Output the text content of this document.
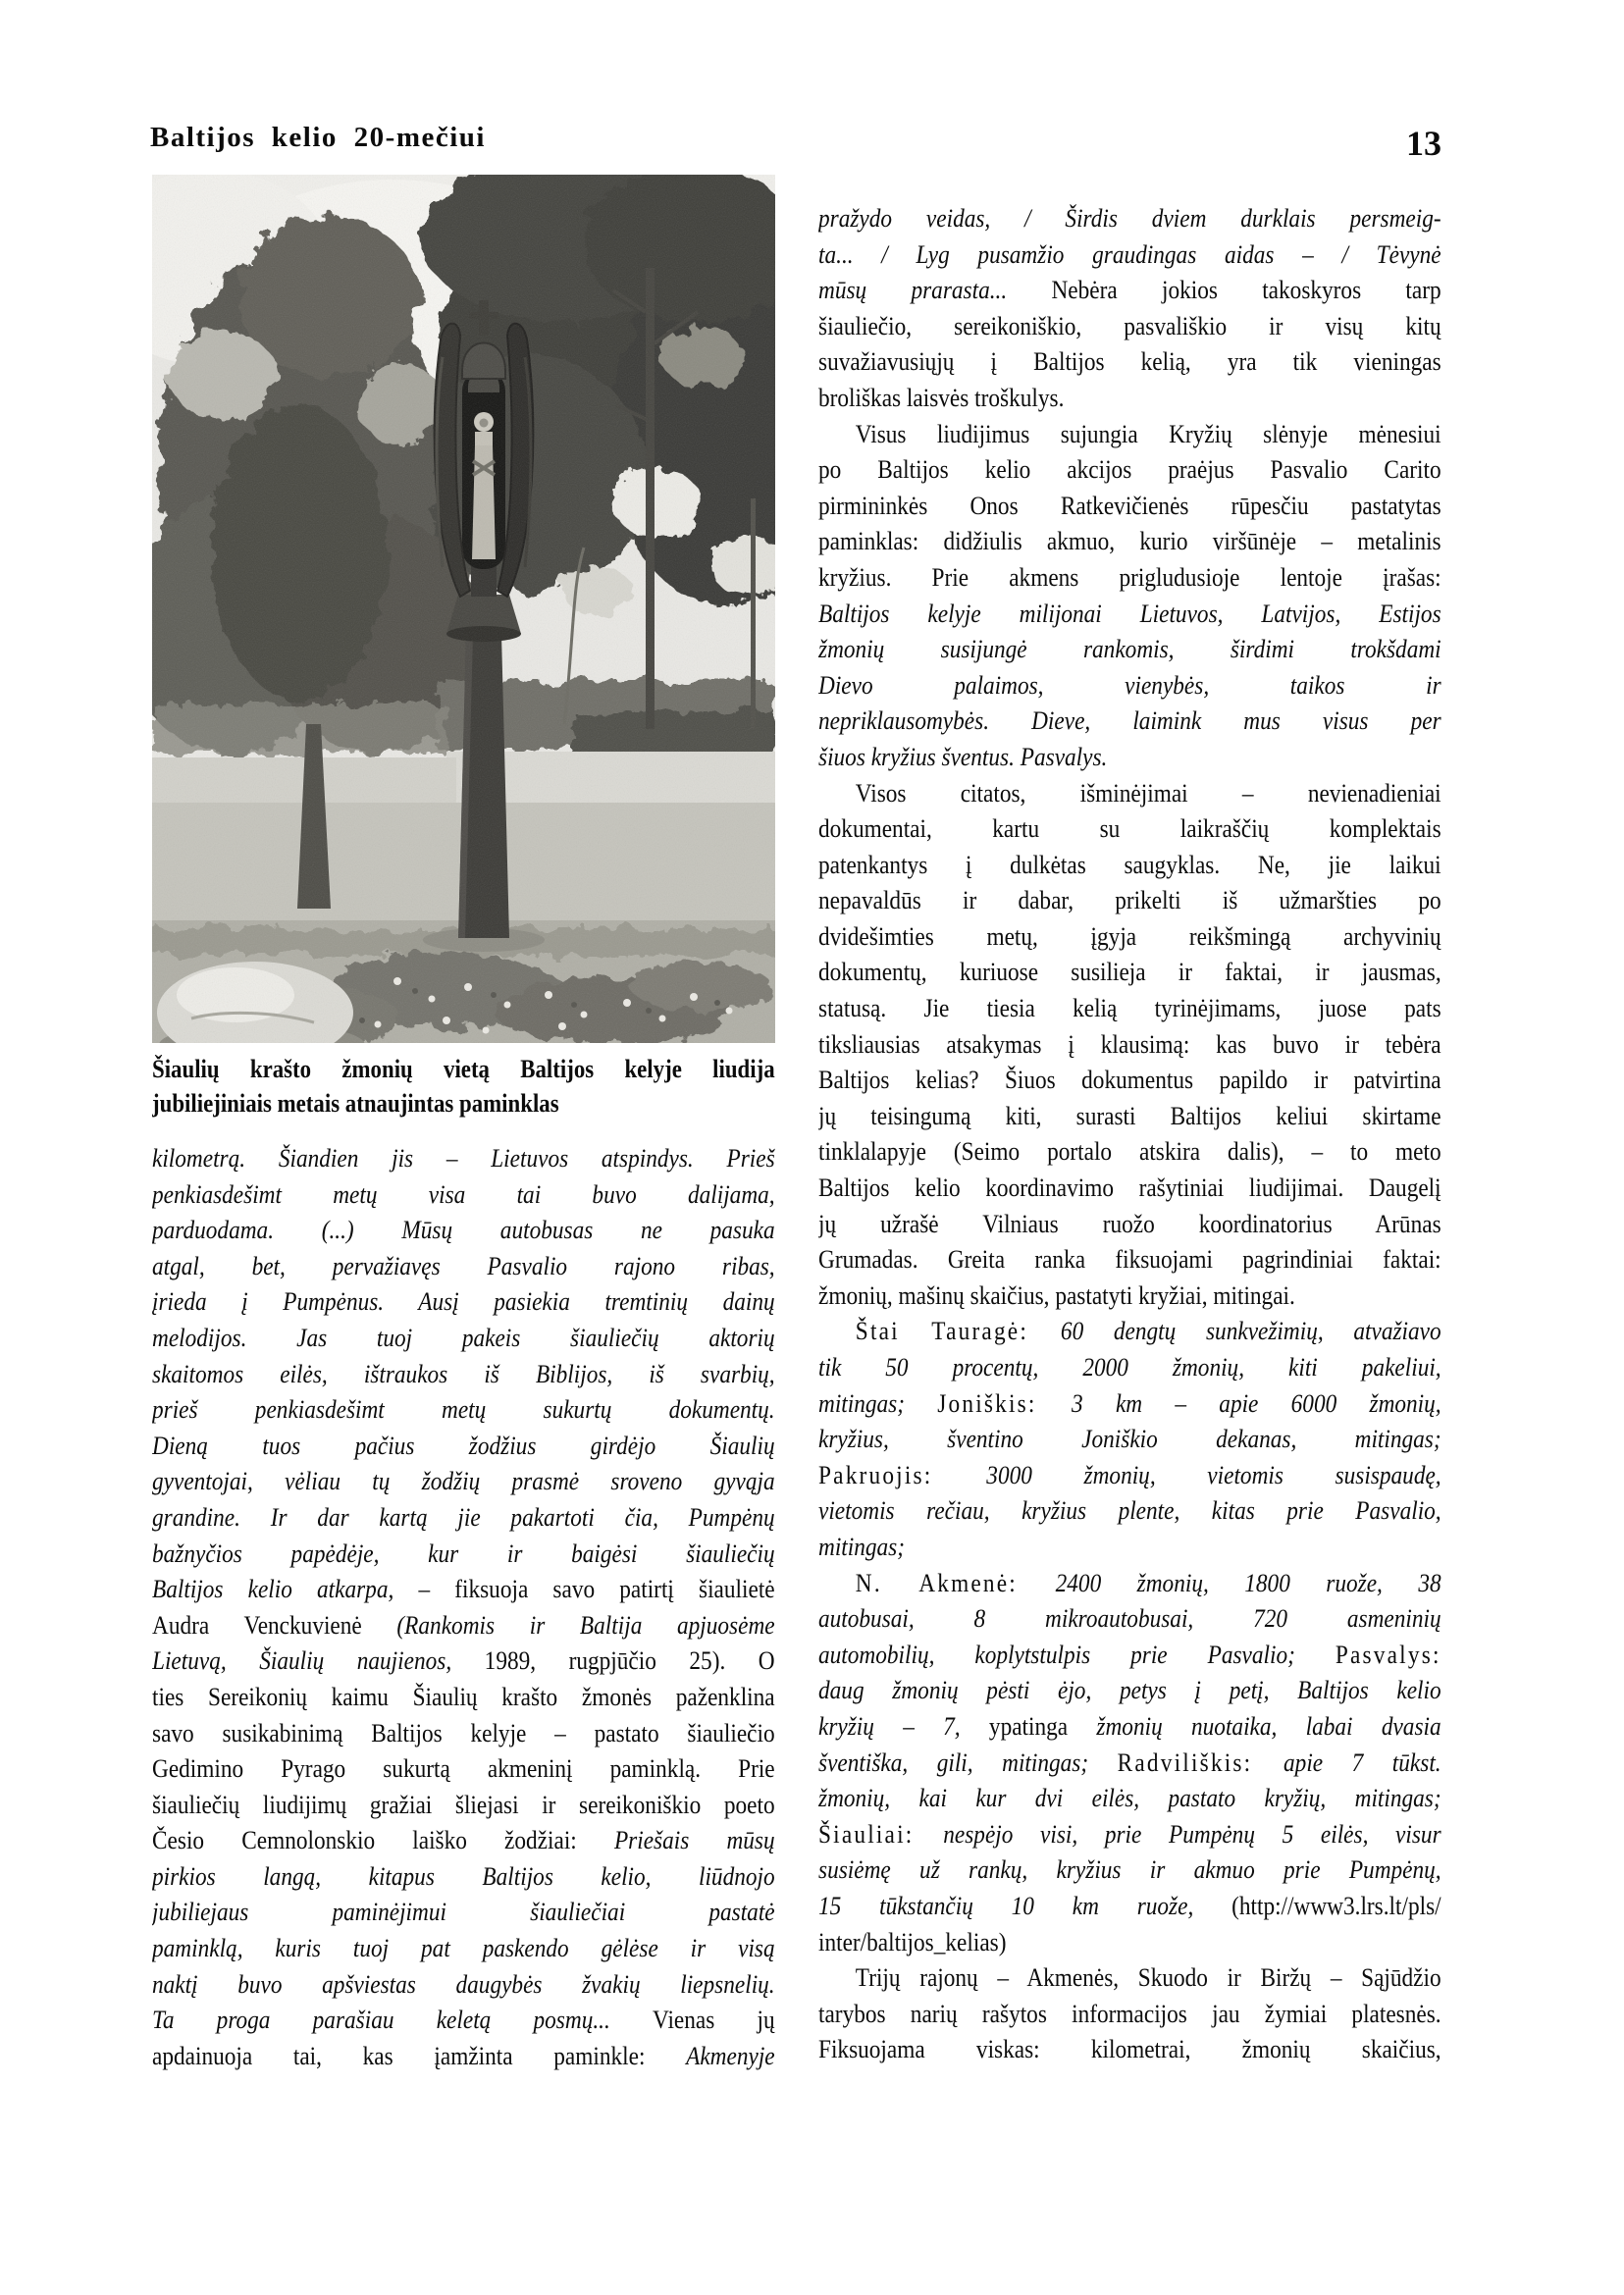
Baltijos kelio 20-mečiui	13
Šiaulių krašto žmonių vietą Baltijos kelyje liudija
jubiliejiniais metais atnaujintas paminklas
kilometrą. Šiandien jis – Lietuvos atspindys. Prieš
penkiasdešimt metų visa tai buvo dalijama,
parduodama. (...) Mūsų autobusas ne pasuka
atgal, bet, pervažiavęs Pasvalio rajono ribas,
įrieda į Pumpėnus. Ausį pasiekia tremtinių dainų
melodijos. Jas tuoj pakeis šiauliečių aktorių
skaitomos eilės, ištraukos iš Biblijos, iš svarbių,
prieš penkiasdešimt metų sukurtų dokumentų.
Dieną tuos pačius žodžius girdėjo Šiaulių
gyventojai, vėliau tų žodžių prasmė sroveno gyvąja
grandine. Ir dar kartą jie pakartoti čia, Pumpėnų
bažnyčios papėdėje, kur ir baigėsi šiauliečių
Baltijos kelio atkarpa, – fiksuoja savo patirtį šiaulietė
Audra Venckuvienė (Rankomis ir Baltija apjuosėme
Lietuvą, Šiaulių naujienos, 1989, rugpjūčio 25). O
ties Sereikonių kaimu Šiaulių krašto žmonės paženklina
savo susikabinimą Baltijos kelyje – pastato šiauliečio
Gedimino Pyrago sukurtą akmeninį paminklą. Prie
šiauliečių liudijimų gražiai šliejasi ir sereikoniškio poeto
Česio Cemnolonskio laiško žodžiai: Priešais mūsų
pirkios langą, kitapus Baltijos kelio, liūdnojo
jubiliejaus paminėjimui šiauliečiai pastatė
paminklą, kuris tuoj pat paskendo gėlėse ir visą
naktį buvo apšviestas daugybės žvakių liepsnelių.
Ta proga parašiau keletą posmų... Vienas jų
apdainuoja tai, kas įamžinta paminkle: Akmenyje
pražydo veidas, / Širdis dviem durklais persmeig-
ta... / Lyg pusamžio graudingas aidas – / Tėvynė
mūsų prarasta... Nebėra jokios takoskyros tarp
šiauliečio, sereikoniškio, pasvališkio ir visų kitų
suvažiavusiųjų į Baltijos kelią, yra tik vieningas
broliškas laisvės troškulys.
Visus liudijimus sujungia Kryžių slėnyje mėnesiui
po Baltijos kelio akcijos praėjus Pasvalio Carito
pirmininkės Onos Ratkevičienės rūpesčiu pastatytas
paminklas: didžiulis akmuo, kurio viršūnėje – metalinis
kryžius. Prie akmens prigludusioje lentoje įrašas:
Baltijos kelyje milijonai Lietuvos, Latvijos, Estijos
žmonių susijungė rankomis, širdimi trokšdami
Dievo palaimos, vienybės, taikos ir
nepriklausomybės. Dieve, laimink mus visus per
šiuos kryžius šventus. Pasvalys.
Visos citatos, išminėjimai – nevienadieniai
dokumentai, kartu su laikraščių komplektais
patenkantys į dulkėtas saugyklas. Ne, jie laikui
nepavaldūs ir dabar, prikelti iš užmaršties po
dvidešimties metų, įgyja reikšmingą archyvinių
dokumentų, kuriuose susilieja ir faktai, ir jausmas,
statusą. Jie tiesia kelią tyrinėjimams, juose pats
tiksliausias atsakymas į klausimą: kas buvo ir tebėra
Baltijos kelias? Šiuos dokumentus papildo ir patvirtina
jų teisingumą kiti, surasti Baltijos keliui skirtame
tinklalapyje (Seimo portalo atskira dalis), – to meto
Baltijos kelio koordinavimo rašytiniai liudijimai. Daugelį
jų užrašė Vilniaus ruožo koordinatorius Arūnas
Grumadas. Greita ranka fiksuojami pagrindiniai faktai:
žmonių, mašinų skaičius, pastatyti kryžiai, mitingai.
Štai Tauragė: 60 dengtų sunkvežimių, atvažiavo
tik 50 procentų, 2000 žmonių, kiti pakeliui,
mitingas; Joniškis: 3 km – apie 6000 žmonių,
kryžius, šventino Joniškio dekanas, mitingas;
Pakruojis: 3000 žmonių, vietomis susispaudę,
vietomis rečiau, kryžius plente, kitas prie Pasvalio,
mitingas;
N. Akmenė: 2400 žmonių, 1800 ruože, 38
autobusai, 8 mikroautobusai, 720 asmeninių
automobilių, koplytstulpis prie Pasvalio; Pasvalys:
daug žmonių pėsti ėjo, petys į petį, Baltijos kelio
kryžių – 7, ypatinga žmonių nuotaika, labai dvasia
šventiška, gili, mitingas; Radviliškis: apie 7 tūkst.
žmonių, kai kur dvi eilės, pastato kryžių, mitingas;
Šiauliai: nespėjo visi, prie Pumpėnų 5 eilės, visur
susiėmę už rankų, kryžius ir akmuo prie Pumpėnų,
15 tūkstančių 10 km ruože, (http://www3.lrs.lt/pls/
inter/baltijos_kelias)
Trijų rajonų – Akmenės, Skuodo ir Biržų – Sąjūdžio
tarybos narių rašytos informacijos jau žymiai platesnės.
Fiksuojama viskas: kilometrai, žmonių skaičius,
